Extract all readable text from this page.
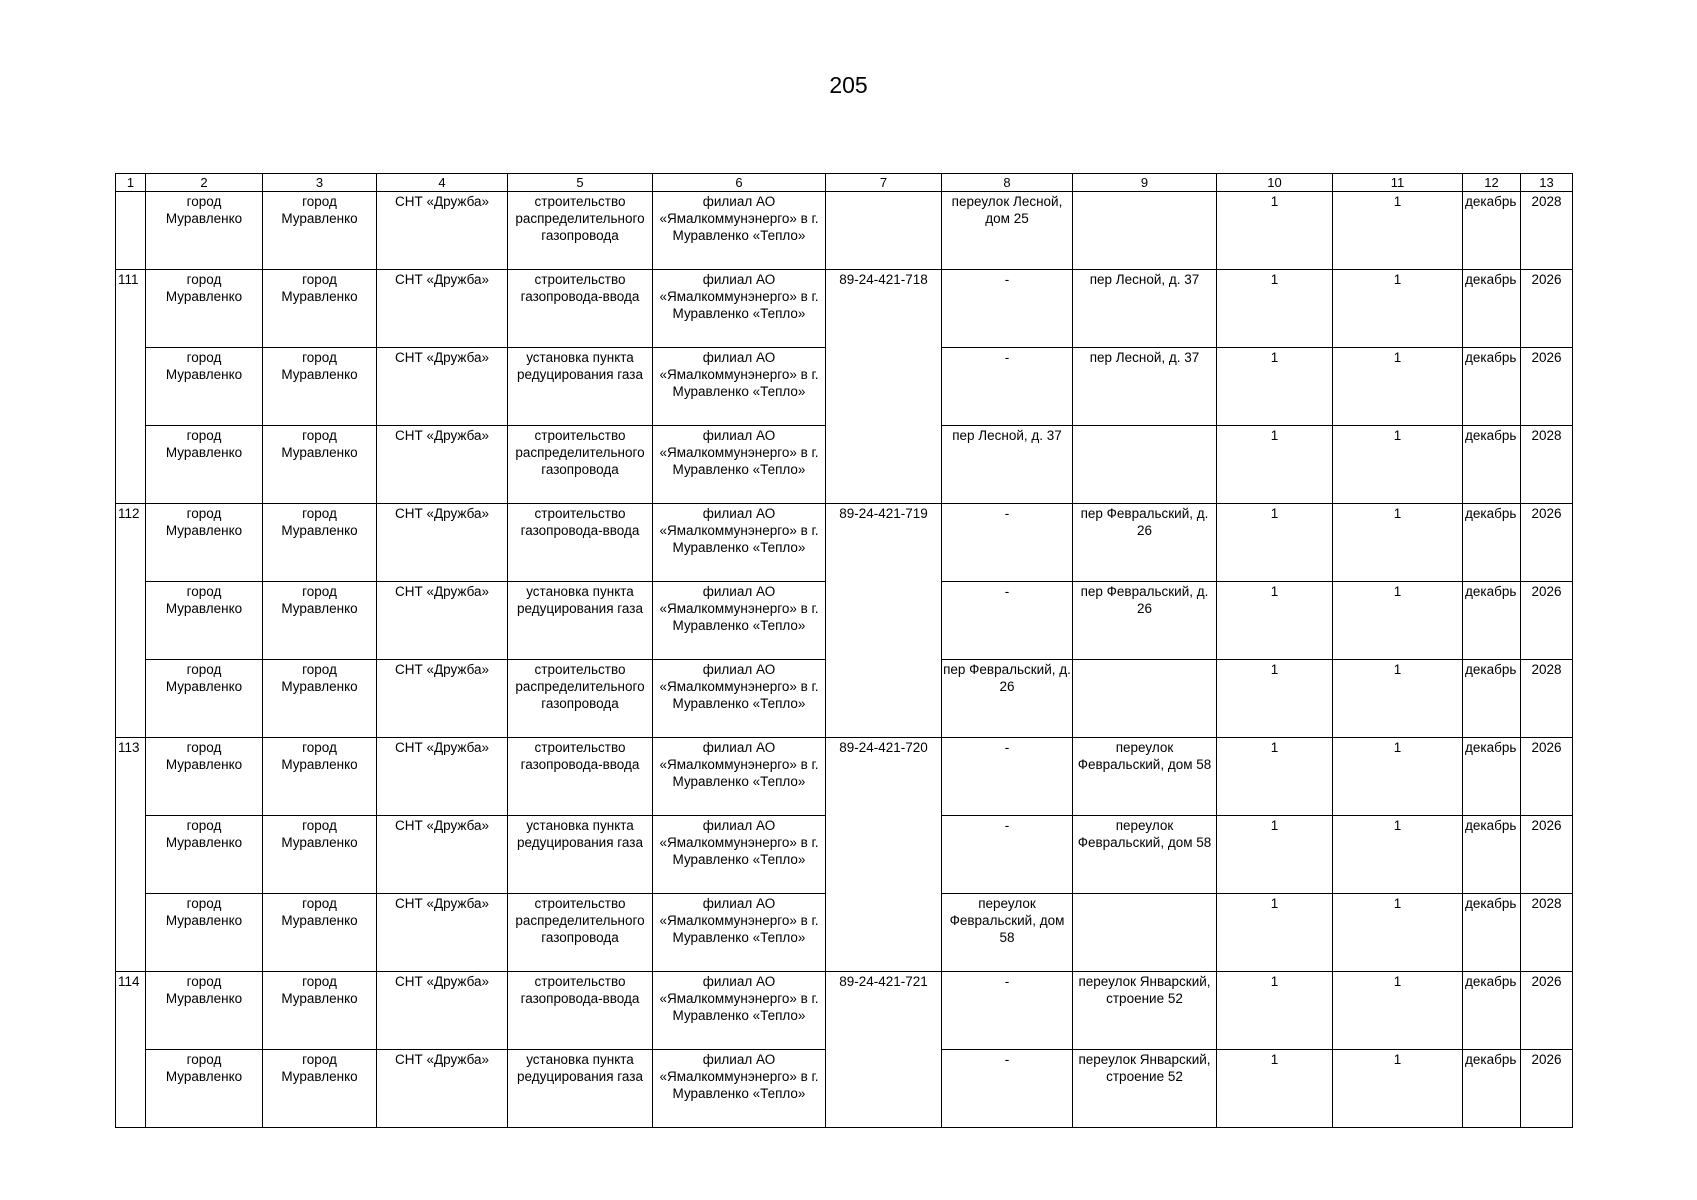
205
1	2	3	4	5	6	7	8	9	10	11	12	13
	город Муравленко	город Муравленко	СНТ «Дружба»	строительство распределительного газопровода	филиал АО «Ямалкоммунэнерго» в г. Муравленко «Тепло»		переулок Лесной, дом 25		1	1	декабрь	2028
111	город Муравленко	город Муравленко	СНТ «Дружба»	строительство газопровода-ввода	филиал АО «Ямалкоммунэнерго» в г. Муравленко «Тепло»	89-24-421-718	-	пер Лесной, д. 37	1	1	декабрь	2026
	город Муравленко	город Муравленко	СНТ «Дружба»	установка пункта редуцирования газа	филиал АО «Ямалкоммунэнерго» в г. Муравленко «Тепло»		-	пер Лесной, д. 37	1	1	декабрь	2026
	город Муравленко	город Муравленко	СНТ «Дружба»	строительство распределительного газопровода	филиал АО «Ямалкоммунэнерго» в г. Муравленко «Тепло»		пер Лесной, д. 37		1	1	декабрь	2028
112	город Муравленко	город Муравленко	СНТ «Дружба»	строительство газопровода-ввода	филиал АО «Ямалкоммунэнерго» в г. Муравленко «Тепло»	89-24-421-719	-	пер Февральский, д. 26	1	1	декабрь	2026
	город Муравленко	город Муравленко	СНТ «Дружба»	установка пункта редуцирования газа	филиал АО «Ямалкоммунэнерго» в г. Муравленко «Тепло»		-	пер Февральский, д. 26	1	1	декабрь	2026
	город Муравленко	город Муравленко	СНТ «Дружба»	строительство распределительного газопровода	филиал АО «Ямалкоммунэнерго» в г. Муравленко «Тепло»		пер Февральский, д. 26		1	1	декабрь	2028
113	город Муравленко	город Муравленко	СНТ «Дружба»	строительство газопровода-ввода	филиал АО «Ямалкоммунэнерго» в г. Муравленко «Тепло»	89-24-421-720	-	переулок Февральский, дом 58	1	1	декабрь	2026
	город Муравленко	город Муравленко	СНТ «Дружба»	установка пункта редуцирования газа	филиал АО «Ямалкоммунэнерго» в г. Муравленко «Тепло»		-	переулок Февральский, дом 58	1	1	декабрь	2026
	город Муравленко	город Муравленко	СНТ «Дружба»	строительство распределительного газопровода	филиал АО «Ямалкоммунэнерго» в г. Муравленко «Тепло»		переулок Февральский, дом 58		1	1	декабрь	2028
114	город Муравленко	город Муравленко	СНТ «Дружба»	строительство газопровода-ввода	филиал АО «Ямалкоммунэнерго» в г. Муравленко «Тепло»	89-24-421-721	-	переулок Январский, строение 52	1	1	декабрь	2026
	город Муравленко	город Муравленко	СНТ «Дружба»	установка пункта редуцирования газа	филиал АО «Ямалкоммунэнерго» в г. Муравленко «Тепло»		-	переулок Январский, строение 52	1	1	декабрь	2026
